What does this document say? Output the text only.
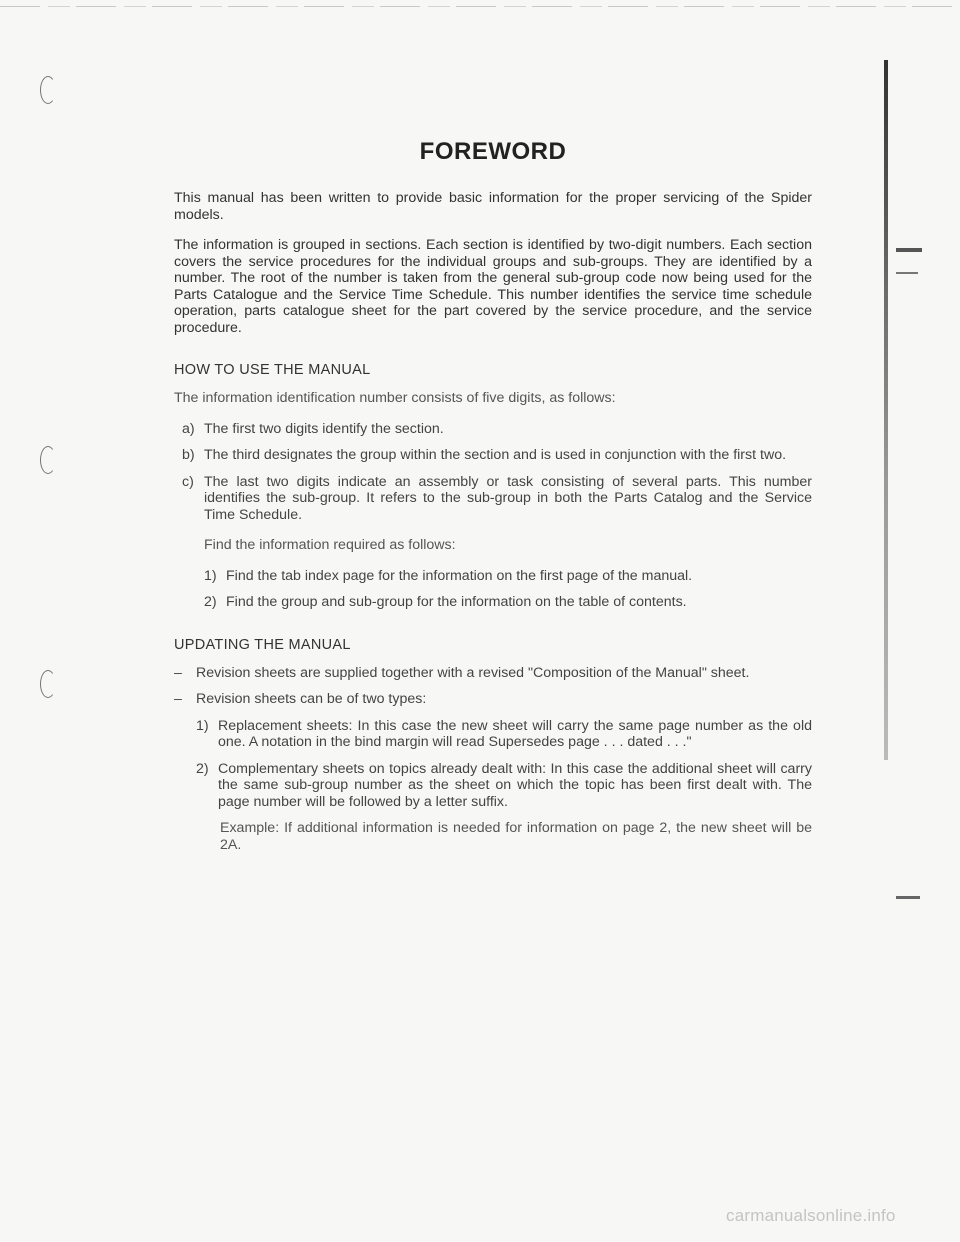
FOREWORD

This manual has been written to provide basic information for the proper servicing of the Spider models.

The information is grouped in sections. Each section is identified by two-digit numbers. Each section covers the service procedures for the individual groups and sub-groups. They are identified by a number. The root of the number is taken from the general sub-group code now being used for the Parts Catalogue and the Service Time Schedule. This number identifies the service time schedule operation, parts catalogue sheet for the part covered by the service procedure, and the service procedure.

HOW TO USE THE MANUAL

The information identification number consists of five digits, as follows:

a) The first two digits identify the section.
b) The third designates the group within the section and is used in conjunction with the first two.
c) The last two digits indicate an assembly or task consisting of several parts. This number identifies the sub-group. It refers to the sub-group in both the Parts Catalog and the Service Time Schedule.

Find the information required as follows:

1) Find the tab index page for the information on the first page of the manual.
2) Find the group and sub-group for the information on the table of contents.
UPDATING THE MANUAL
– Revision sheets are supplied together with a revised "Composition of the Manual" sheet.
– Revision sheets can be of two types:
1) Replacement sheets: In this case the new sheet will carry the same page number as the old one. A notation in the bind margin will read Supersedes page . . . dated . . ."
2) Complementary sheets on topics already dealt with: In this case the additional sheet will carry the same sub-group number as the sheet on which the topic has been first dealt with. The page number will be followed by a letter suffix.

Example: If additional information is needed for information on page 2, the new sheet will be 2A.

carmanualsonline.info
